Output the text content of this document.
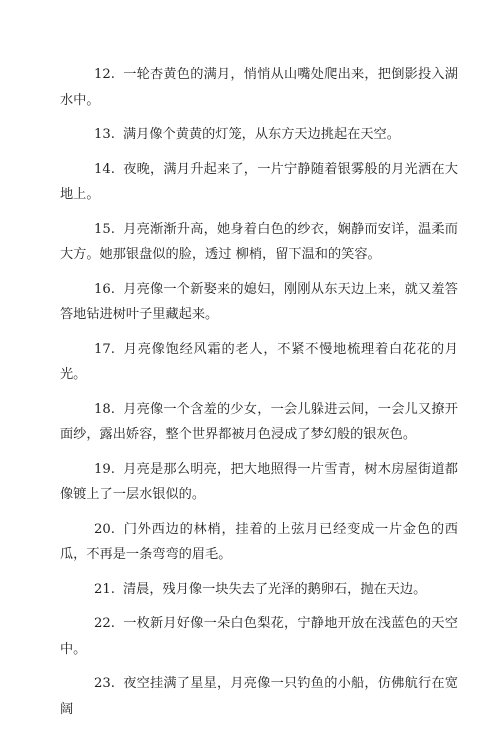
12. 一轮杏黄色的满月，悄悄从山嘴处爬出来，把倒影投入湖水中。

13. 满月像个黄黄的灯笼，从东方天边挑起在天空。

14. 夜晚，满月升起来了，一片宁静随着银雾般的月光洒在大地上。

15. 月亮渐渐升高，她身着白色的纱衣，娴静而安详，温柔而大方。她那银盘似的脸，透过 柳梢，留下温和的笑容。

16. 月亮像一个新娶来的媳妇，刚刚从东天边上来，就又羞答答地钻进树叶子里藏起来。

17. 月亮像饱经风霜的老人，不紧不慢地梳理着白花花的月光。

18. 月亮像一个含羞的少女，一会儿躲进云间，一会儿又撩开面纱，露出娇容，整个世界都被月色浸成了梦幻般的银灰色。

19. 月亮是那么明亮，把大地照得一片雪青，树木房屋街道都像镀上了一层水银似的。

20. 门外西边的林梢，挂着的上弦月已经变成一片金色的西瓜，不再是一条弯弯的眉毛。

21. 清晨，残月像一块失去了光泽的鹅卵石，抛在天边。

22. 一枚新月好像一朵白色梨花，宁静地开放在浅蓝色的天空中。

23. 夜空挂满了星星，月亮像一只钓鱼的小船，仿佛航行在宽阔
